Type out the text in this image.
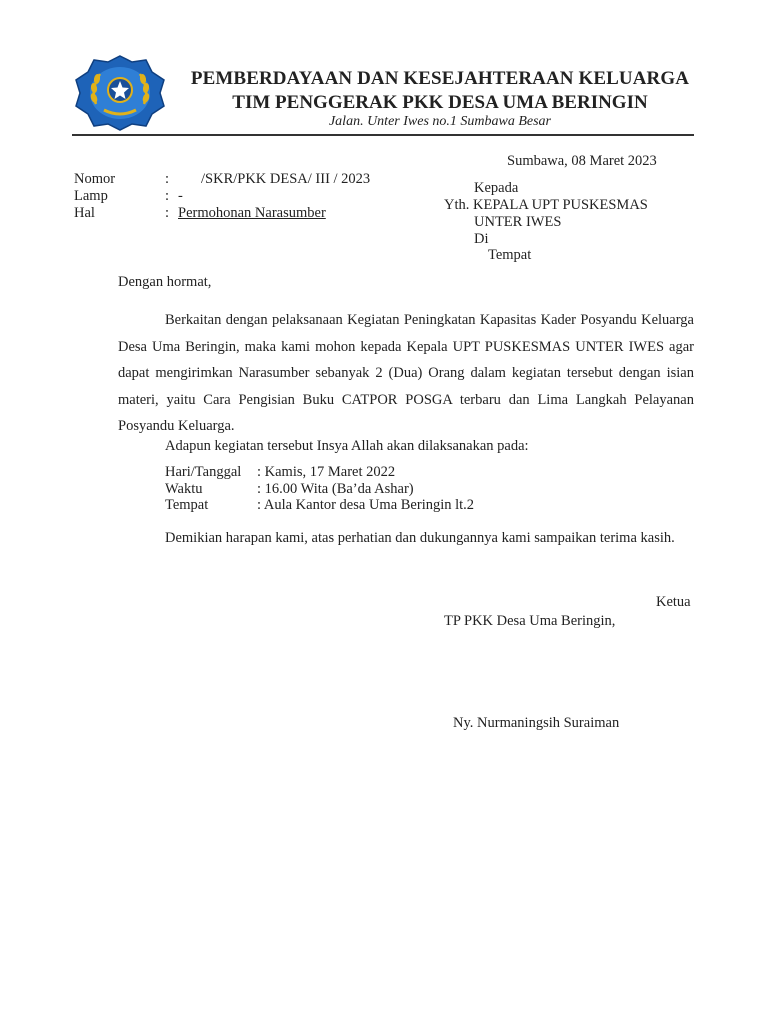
PEMBERDAYAAN DAN KESEJAHTERAAN KELUARGA
TIM PENGGERAK PKK DESA UMA BERINGIN
Jalan. Unter Iwes no.1 Sumbawa Besar
Sumbawa, 08 Maret 2023
Nomor	: /SKR/PKK DESA/ III / 2023
Lamp	: -
Hal	: Permohonan Narasumber
Kepada
Yth. KEPALA UPT PUSKESMAS
UNTER IWES
Di
Tempat
Dengan hormat,
Berkaitan dengan pelaksanaan Kegiatan Peningkatan Kapasitas Kader Posyandu Keluarga Desa Uma Beringin, maka kami mohon kepada Kepala UPT PUSKESMAS UNTER IWES agar dapat mengirimkan Narasumber sebanyak 2 (Dua) Orang dalam kegiatan tersebut dengan isian materi, yaitu Cara Pengisian Buku CATPOR POSGA terbaru dan Lima Langkah Pelayanan Posyandu Keluarga.
Adapun kegiatan tersebut Insya Allah akan dilaksanakan pada:
Hari/Tanggal : Kamis, 17 Maret 2022
Waktu	: 16.00 Wita (Ba’da Ashar)
Tempat	: Aula Kantor desa Uma Beringin lt.2
Demikian harapan kami, atas perhatian dan dukungannya kami sampaikan terima kasih.
Ketua
TP PKK Desa Uma Beringin,
Ny. Nurmaningsih Suraiman
